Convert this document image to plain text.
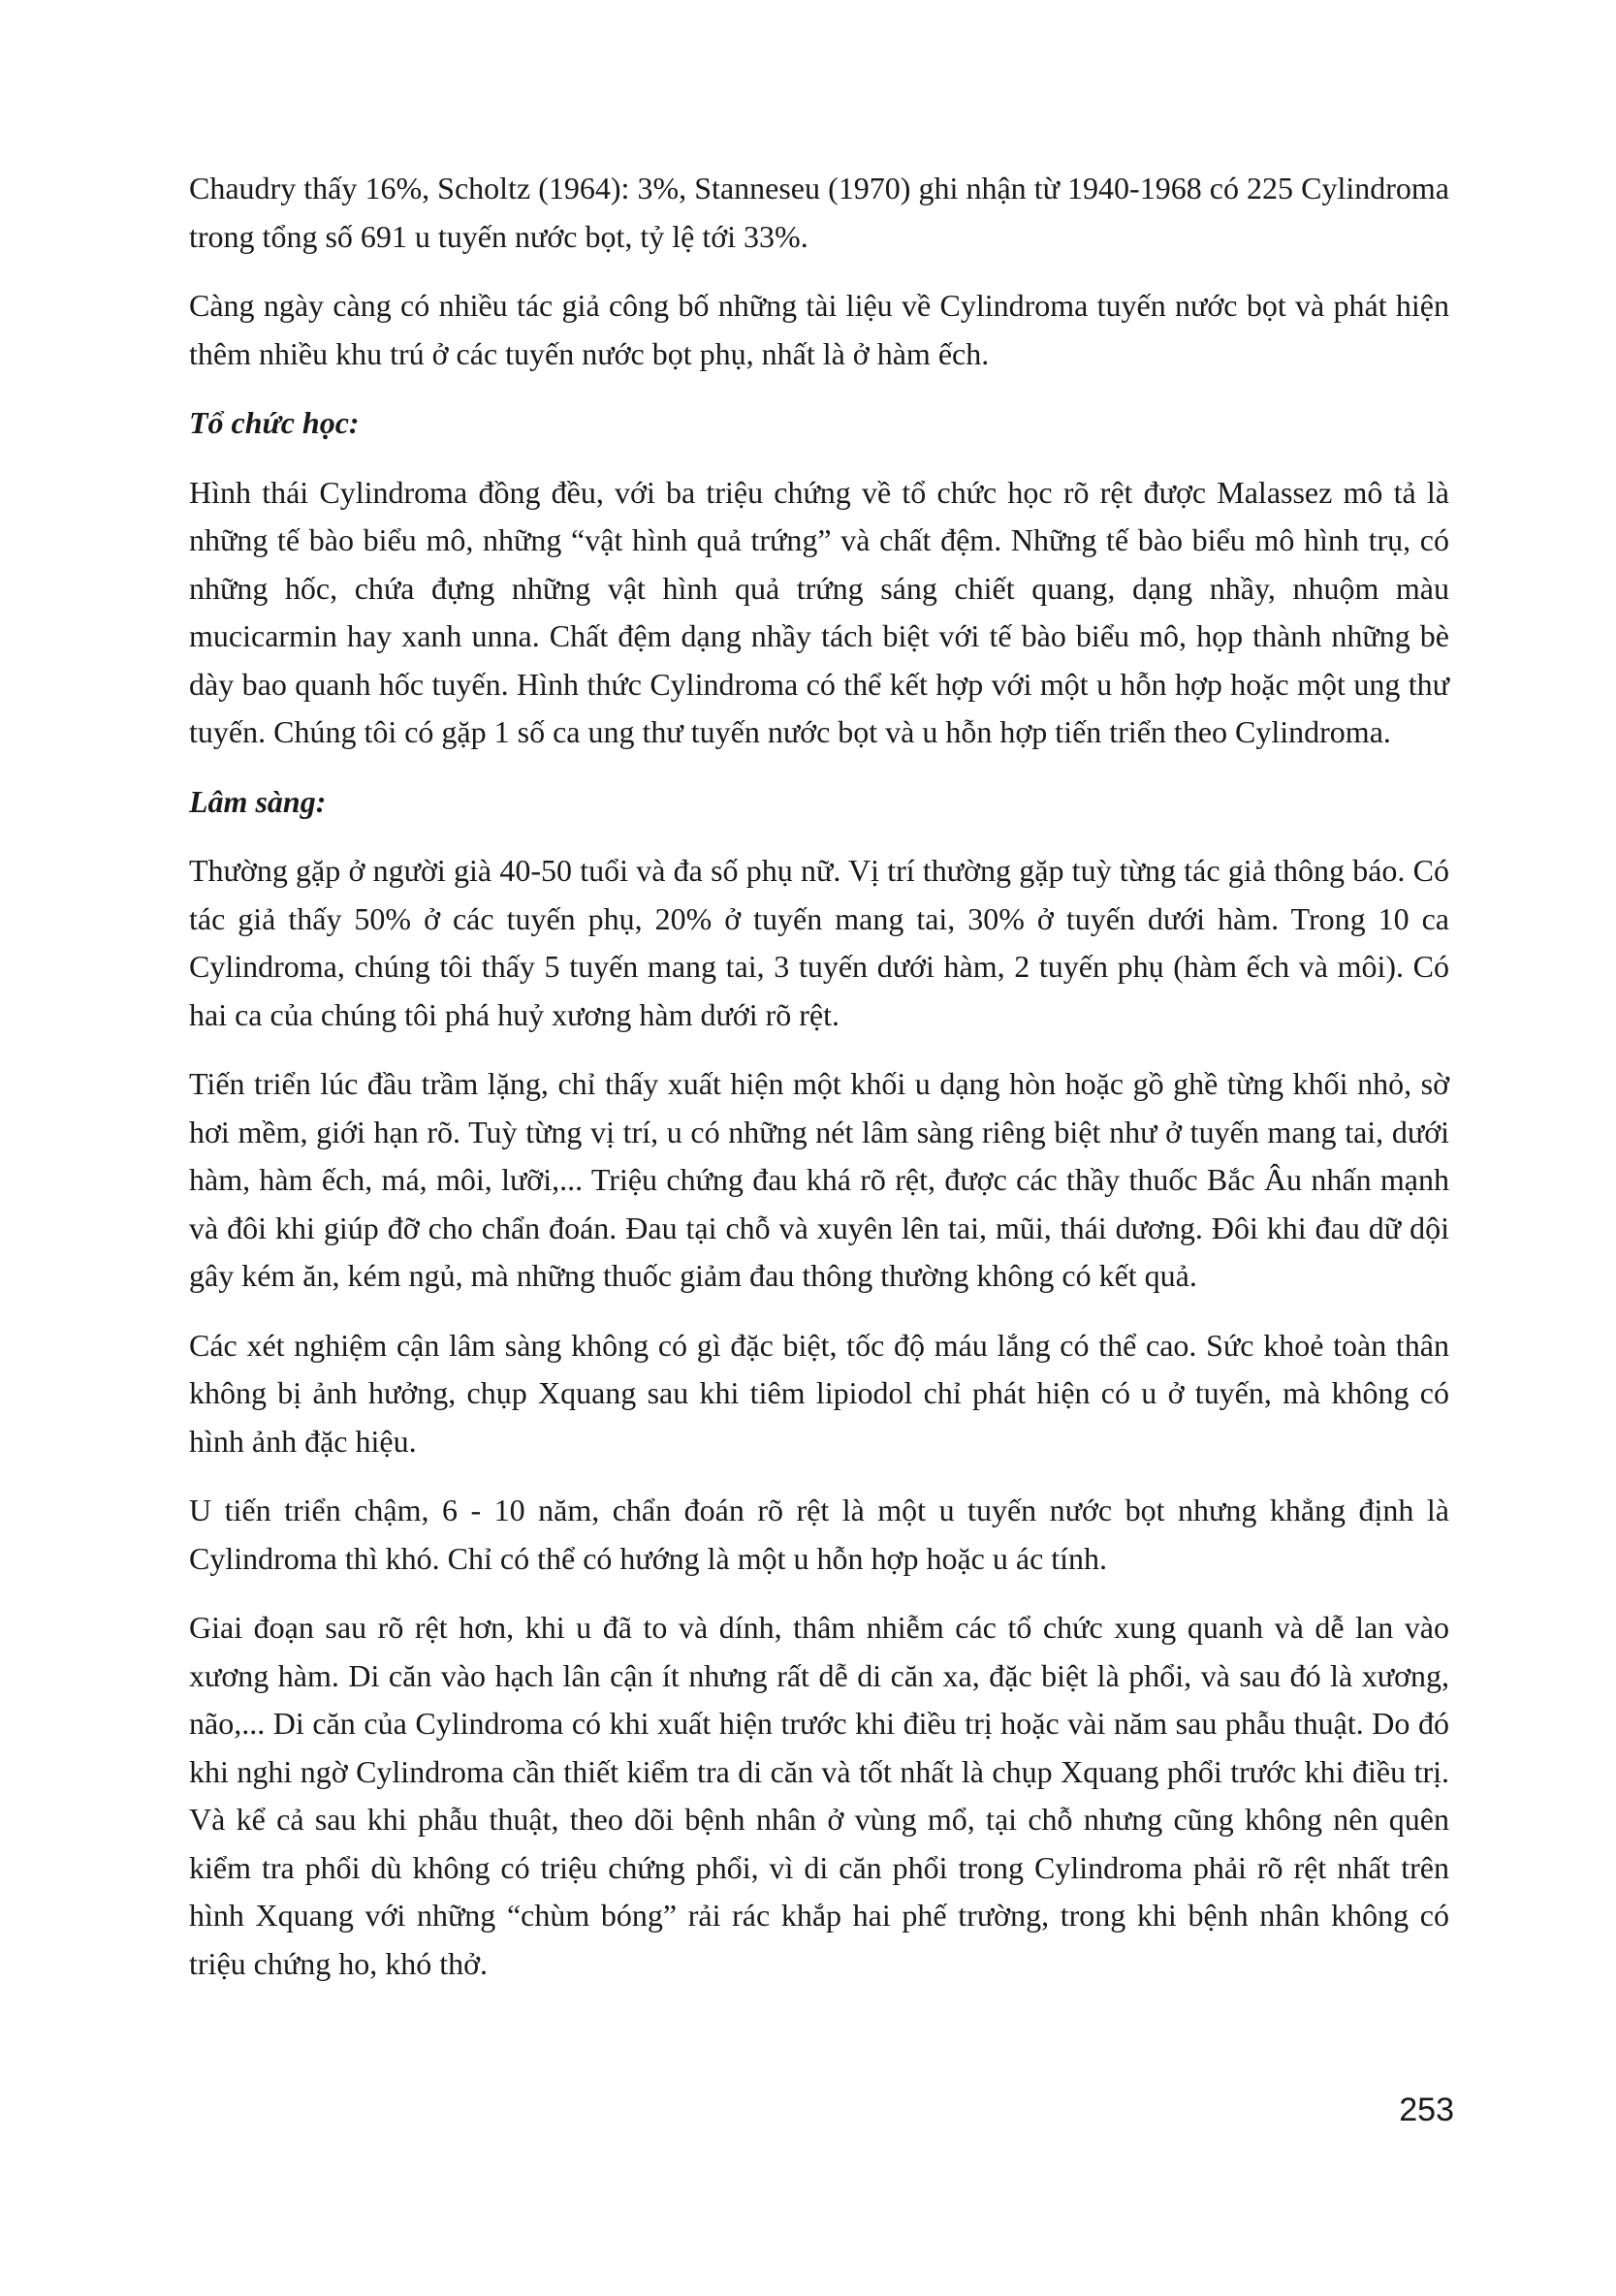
Chaudry thấy 16%, Scholtz (1964): 3%, Stanneseu (1970) ghi nhận từ 1940-1968 có 225 Cylindroma trong tổng số 691 u tuyến nước bọt, tỷ lệ tới 33%.

Càng ngày càng có nhiều tác giả công bố những tài liệu về Cylindroma tuyến nước bọt và phát hiện thêm nhiều khu trú ở các tuyến nước bọt phụ, nhất là ở hàm ếch.

Tổ chức học:

Hình thái Cylindroma đồng đều, với ba triệu chứng về tổ chức học rõ rệt được Malassez mô tả là những tế bào biểu mô, những “vật hình quả trứng” và chất đệm. Những tế bào biểu mô hình trụ, có những hốc, chứa đựng những vật hình quả trứng sáng chiết quang, dạng nhầy, nhuộm màu mucicarmin hay xanh unna. Chất đệm dạng nhầy tách biệt với tế bào biểu mô, họp thành những bè dày bao quanh hốc tuyến. Hình thức Cylindroma có thể kết hợp với một u hỗn hợp hoặc một ung thư tuyến. Chúng tôi có gặp 1 số ca ung thư tuyến nước bọt và u hỗn hợp tiến triển theo Cylindroma.

Lâm sàng:

Thường gặp ở người già 40-50 tuổi và đa số phụ nữ. Vị trí thường gặp tuỳ từng tác giả thông báo. Có tác giả thấy 50% ở các tuyến phụ, 20% ở tuyến mang tai, 30% ở tuyến dưới hàm. Trong 10 ca Cylindroma, chúng tôi thấy 5 tuyến mang tai, 3 tuyến dưới hàm, 2 tuyến phụ (hàm ếch và môi). Có hai ca của chúng tôi phá huỷ xương hàm dưới rõ rệt.

Tiến triển lúc đầu trầm lặng, chỉ thấy xuất hiện một khối u dạng hòn hoặc gồ ghề từng khối nhỏ, sờ hơi mềm, giới hạn rõ. Tuỳ từng vị trí, u có những nét lâm sàng riêng biệt như ở tuyến mang tai, dưới hàm, hàm ếch, má, môi, lưỡi,... Triệu chứng đau khá rõ rệt, được các thầy thuốc Bắc Âu nhấn mạnh và đôi khi giúp đỡ cho chẩn đoán. Đau tại chỗ và xuyên lên tai, mũi, thái dương. Đôi khi đau dữ dội gây kém ăn, kém ngủ, mà những thuốc giảm đau thông thường không có kết quả.

Các xét nghiệm cận lâm sàng không có gì đặc biệt, tốc độ máu lắng có thể cao. Sức khoẻ toàn thân không bị ảnh hưởng, chụp Xquang sau khi tiêm lipiodol chỉ phát hiện có u ở tuyến, mà không có hình ảnh đặc hiệu.

U tiến triển chậm, 6 - 10 năm, chẩn đoán rõ rệt là một u tuyến nước bọt nhưng khẳng định là Cylindroma thì khó. Chỉ có thể có hướng là một u hỗn hợp hoặc u ác tính.

Giai đoạn sau rõ rệt hơn, khi u đã to và dính, thâm nhiễm các tổ chức xung quanh và dễ lan vào xương hàm. Di căn vào hạch lân cận ít nhưng rất dễ di căn xa, đặc biệt là phổi, và sau đó là xương, não,... Di căn của Cylindroma có khi xuất hiện trước khi điều trị hoặc vài năm sau phẫu thuật. Do đó khi nghi ngờ Cylindroma cần thiết kiểm tra di căn và tốt nhất là chụp Xquang phổi trước khi điều trị. Và kể cả sau khi phẫu thuật, theo dõi bệnh nhân ở vùng mổ, tại chỗ nhưng cũng không nên quên kiểm tra phổi dù không có triệu chứng phổi, vì di căn phổi trong Cylindroma phải rõ rệt nhất trên hình Xquang với những “chùm bóng” rải rác khắp hai phế trường, trong khi bệnh nhân không có triệu chứng ho, khó thở.

253
